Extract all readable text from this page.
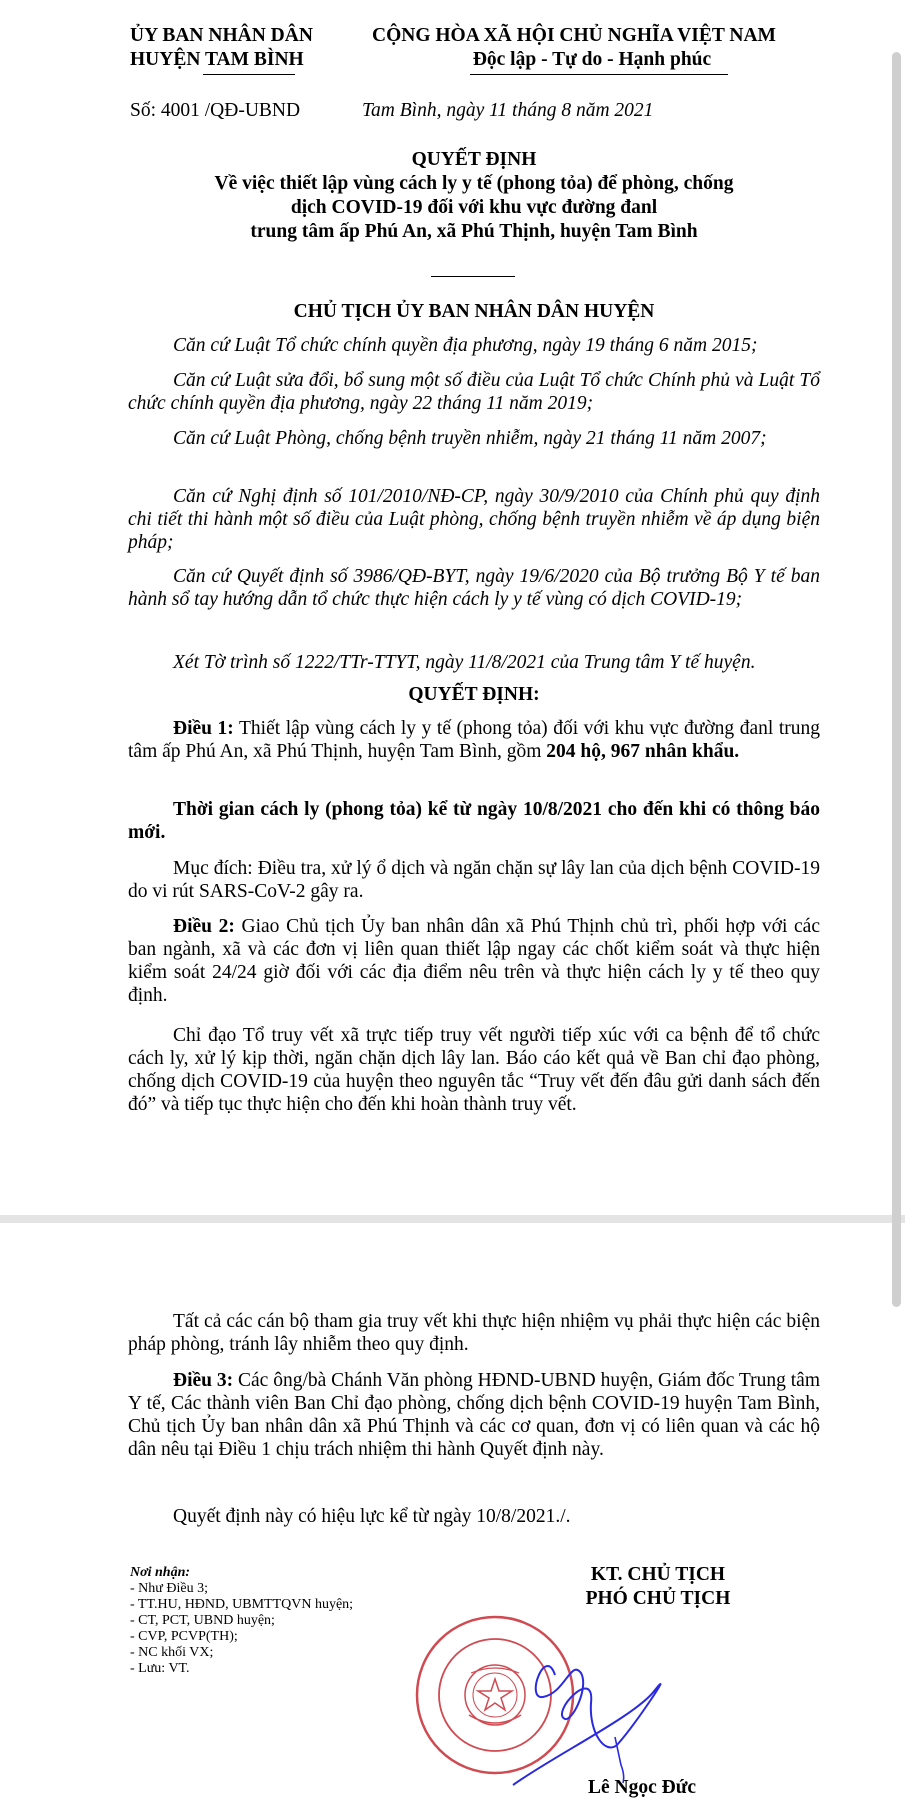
ỦY BAN NHÂN DÂN
HUYỆN TAM BÌNH
CỘNG HÒA XÃ HỘI CHỦ NGHĨA VIỆT NAM
Độc lập - Tự do - Hạnh phúc
Số: 4001 /QĐ-UBND	Tam Bình, ngày 11 tháng 8 năm 2021
QUYẾT ĐỊNH
Về việc thiết lập vùng cách ly y tế (phong tỏa) để phòng, chống
dịch COVID-19 đối với khu vực đường đanl
trung tâm ấp Phú An, xã Phú Thịnh, huyện Tam Bình
CHỦ TỊCH ỦY BAN NHÂN DÂN HUYỆN
Căn cứ Luật Tổ chức chính quyền địa phương, ngày 19 tháng 6 năm 2015;
Căn cứ Luật sửa đổi, bổ sung một số điều của Luật Tổ chức Chính phủ và Luật Tổ chức chính quyền địa phương, ngày 22 tháng 11 năm 2019;
Căn cứ Luật Phòng, chống bệnh truyền nhiễm, ngày 21 tháng 11 năm 2007;
Căn cứ Nghị định số 101/2010/NĐ-CP, ngày 30/9/2010 của Chính phủ quy định chi tiết thi hành một số điều của Luật phòng, chống bệnh truyền nhiễm về áp dụng biện pháp;
Căn cứ Quyết định số 3986/QĐ-BYT, ngày 19/6/2020 của Bộ trưởng Bộ Y tế ban hành sổ tay hướng dẫn tổ chức thực hiện cách ly y tế vùng có dịch COVID-19;
Xét Tờ trình số 1222/TTr-TTYT, ngày 11/8/2021 của Trung tâm Y tế huyện.
QUYẾT ĐỊNH:
Điều 1: Thiết lập vùng cách ly y tế (phong tỏa) đối với khu vực đường đanl trung tâm ấp Phú An, xã Phú Thịnh, huyện Tam Bình, gồm 204 hộ, 967 nhân khẩu.
Thời gian cách ly (phong tỏa) kể từ ngày 10/8/2021 cho đến khi có thông báo mới.
Mục đích: Điều tra, xử lý ổ dịch và ngăn chặn sự lây lan của dịch bệnh COVID-19 do vi rút SARS-CoV-2 gây ra.
Điều 2: Giao Chủ tịch Ủy ban nhân dân xã Phú Thịnh chủ trì, phối hợp với các ban ngành, xã và các đơn vị liên quan thiết lập ngay các chốt kiểm soát và thực hiện kiểm soát 24/24 giờ đối với các địa điểm nêu trên và thực hiện cách ly y tế theo quy định.
Chỉ đạo Tổ truy vết xã trực tiếp truy vết người tiếp xúc với ca bệnh để tổ chức cách ly, xử lý kịp thời, ngăn chặn dịch lây lan. Báo cáo kết quả về Ban chỉ đạo phòng, chống dịch COVID-19 của huyện theo nguyên tắc “Truy vết đến đâu gửi danh sách đến đó” và tiếp tục thực hiện cho đến khi hoàn thành truy vết.
Tất cả các cán bộ tham gia truy vết khi thực hiện nhiệm vụ phải thực hiện các biện pháp phòng, tránh lây nhiễm theo quy định.
Điều 3: Các ông/bà Chánh Văn phòng HĐND-UBND huyện, Giám đốc Trung tâm Y tế, Các thành viên Ban Chỉ đạo phòng, chống dịch bệnh COVID-19 huyện Tam Bình, Chủ tịch Ủy ban nhân dân xã Phú Thịnh và các cơ quan, đơn vị có liên quan và các hộ dân nêu tại Điều 1 chịu trách nhiệm thi hành Quyết định này.
Quyết định này có hiệu lực kể từ ngày 10/8/2021./.
Nơi nhận:
- Như Điều 3;
- TT.HU, HĐND, UBMTTQVN huyện;
- CT, PCT, UBND huyện;
- CVP, PCVP(TH);
- NC khối VX;
- Lưu: VT.
KT. CHỦ TỊCH
PHÓ CHỦ TỊCH
Lê Ngọc Đức
